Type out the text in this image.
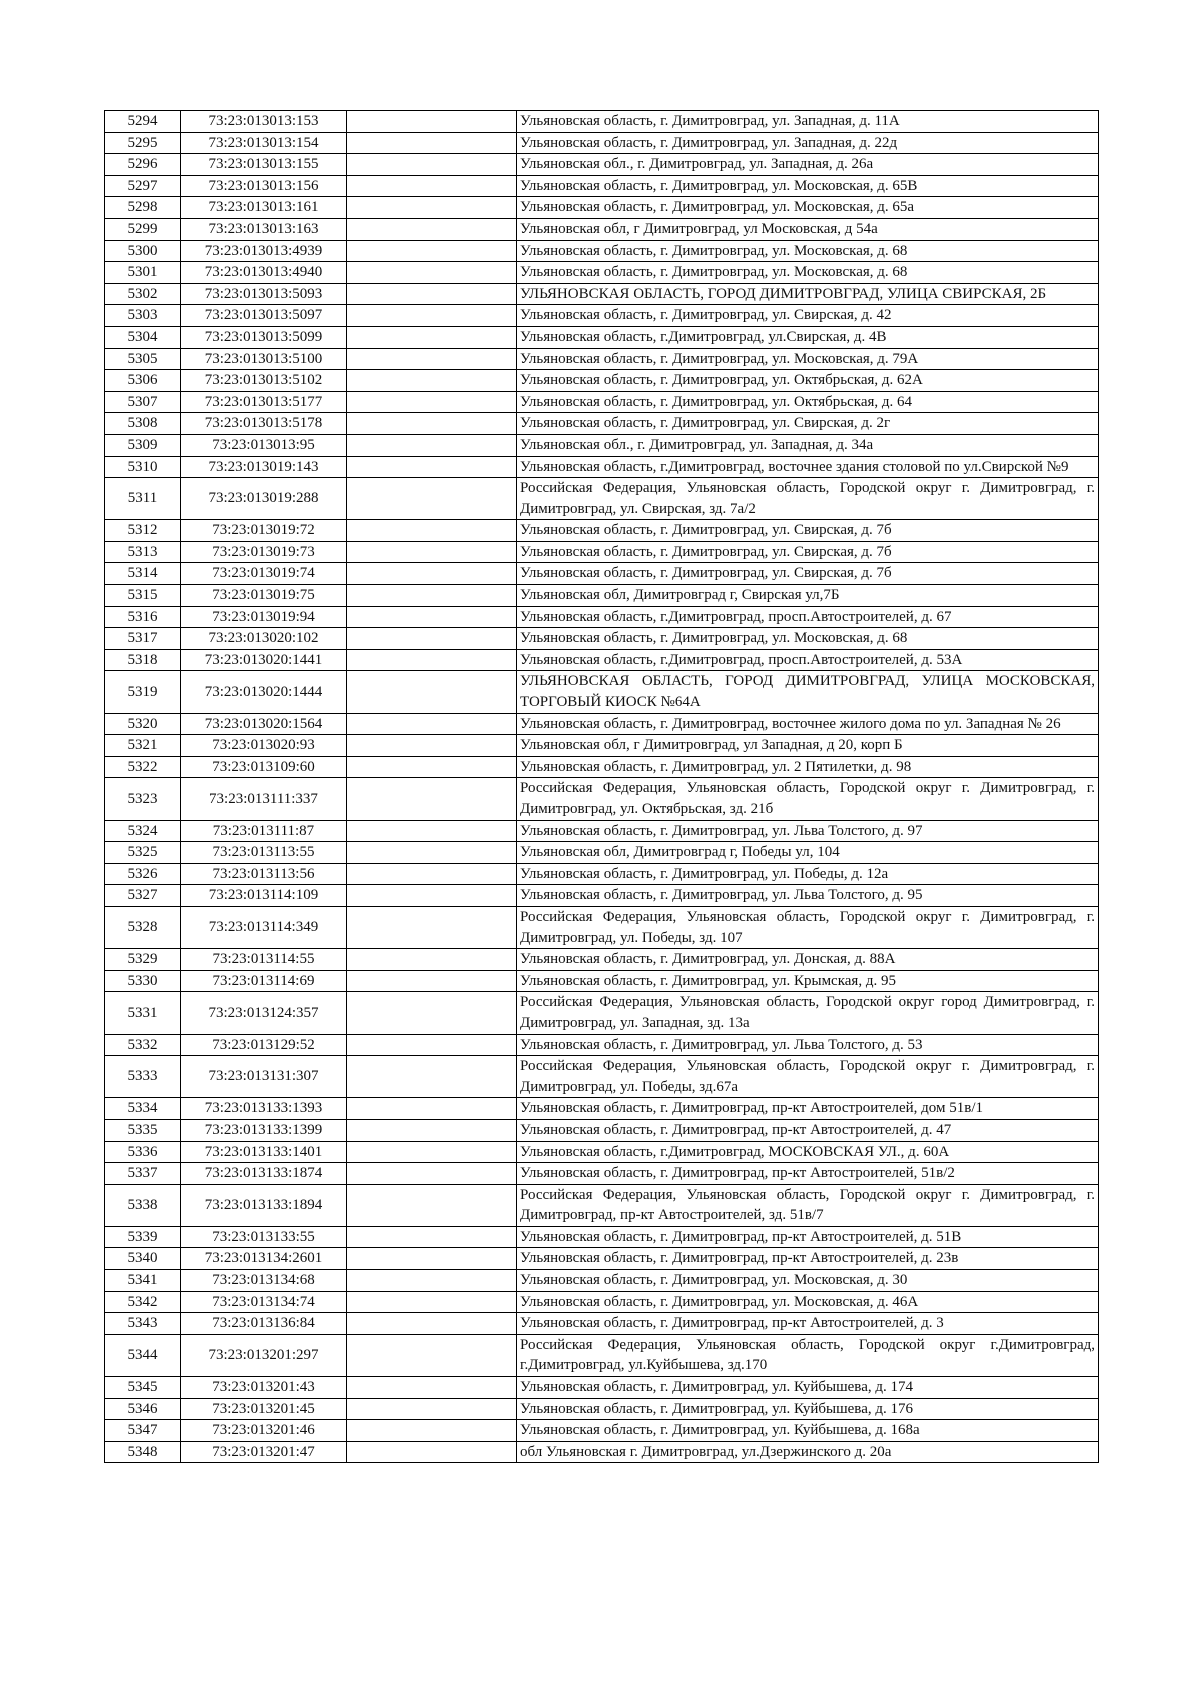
5294	73:23:013013:153		Ульяновская область, г. Димитровград, ул. Западная, д. 11А
5295	73:23:013013:154		Ульяновская область, г. Димитровград, ул. Западная, д. 22д
5296	73:23:013013:155		Ульяновская обл., г. Димитровград, ул. Западная, д. 26а
5297	73:23:013013:156		Ульяновская область, г. Димитровград, ул. Московская, д. 65В
5298	73:23:013013:161		Ульяновская область, г. Димитровград, ул. Московская, д. 65а
5299	73:23:013013:163		Ульяновская обл, г Димитровград, ул Московская, д 54а
5300	73:23:013013:4939		Ульяновская область, г. Димитровград, ул. Московская, д. 68
5301	73:23:013013:4940		Ульяновская область, г. Димитровград, ул. Московская, д. 68
5302	73:23:013013:5093		УЛЬЯНОВСКАЯ ОБЛАСТЬ, ГОРОД ДИМИТРОВГРАД, УЛИЦА СВИРСКАЯ, 2Б
5303	73:23:013013:5097		Ульяновская область, г. Димитровград, ул. Свирская, д. 42
5304	73:23:013013:5099		Ульяновская область, г.Димитровград, ул.Свирская, д. 4В
5305	73:23:013013:5100		Ульяновская область, г. Димитровград, ул. Московская, д. 79А
5306	73:23:013013:5102		Ульяновская область, г. Димитровград, ул. Октябрьская, д. 62А
5307	73:23:013013:5177		Ульяновская область, г. Димитровград, ул. Октябрьская, д. 64
5308	73:23:013013:5178		Ульяновская область, г. Димитровград, ул. Свирская, д. 2г
5309	73:23:013013:95		Ульяновская обл., г. Димитровград, ул. Западная, д. 34а
5310	73:23:013019:143		Ульяновская область, г.Димитровград, восточнее здания столовой по ул.Свирской №9
5311	73:23:013019:288		Российская Федерация, Ульяновская область, Городской округ г. Димитровград, г. Димитровград, ул. Свирская, зд. 7а/2
5312	73:23:013019:72		Ульяновская область, г. Димитровград, ул. Свирская, д. 7б
5313	73:23:013019:73		Ульяновская область, г. Димитровград, ул. Свирская, д. 7б
5314	73:23:013019:74		Ульяновская область, г. Димитровград, ул. Свирская, д. 7б
5315	73:23:013019:75		Ульяновская обл, Димитровград г, Свирская ул,7Б
5316	73:23:013019:94		Ульяновская область, г.Димитровград, просп.Автостроителей, д. 67
5317	73:23:013020:102		Ульяновская область, г. Димитровград, ул. Московская, д. 68
5318	73:23:013020:1441		Ульяновская область, г.Димитровград, просп.Автостроителей, д. 53А
5319	73:23:013020:1444		УЛЬЯНОВСКАЯ ОБЛАСТЬ, ГОРОД ДИМИТРОВГРАД, УЛИЦА МОСКОВСКАЯ, ТОРГОВЫЙ КИОСК №64А
5320	73:23:013020:1564		Ульяновская область, г. Димитровград, восточнее жилого дома по ул. Западная № 26
5321	73:23:013020:93		Ульяновская обл, г Димитровград, ул Западная, д 20, корп Б
5322	73:23:013109:60		Ульяновская область, г. Димитровград, ул. 2 Пятилетки, д. 98
5323	73:23:013111:337		Российская Федерация, Ульяновская область, Городской округ г. Димитровград, г. Димитровград, ул. Октябрьская, зд. 21б
5324	73:23:013111:87		Ульяновская область, г. Димитровград, ул. Льва Толстого, д. 97
5325	73:23:013113:55		Ульяновская обл, Димитровград г, Победы ул, 104
5326	73:23:013113:56		Ульяновская область, г. Димитровград, ул. Победы, д. 12а
5327	73:23:013114:109		Ульяновская область, г. Димитровград, ул. Льва Толстого, д. 95
5328	73:23:013114:349		Российская Федерация, Ульяновская область, Городской округ г. Димитровград, г. Димитровград, ул. Победы, зд. 107
5329	73:23:013114:55		Ульяновская область, г. Димитровград, ул. Донская, д. 88А
5330	73:23:013114:69		Ульяновская область, г. Димитровград, ул. Крымская, д. 95
5331	73:23:013124:357		Российская Федерация, Ульяновская область, Городской округ город Димитровград, г. Димитровград, ул. Западная, зд. 13а
5332	73:23:013129:52		Ульяновская область, г. Димитровград, ул. Льва Толстого, д. 53
5333	73:23:013131:307		Российская Федерация, Ульяновская область, Городской округ г. Димитровград, г. Димитровград, ул. Победы, зд.67а
5334	73:23:013133:1393		Ульяновская область, г. Димитровград, пр-кт Автостроителей, дом 51в/1
5335	73:23:013133:1399		Ульяновская область, г. Димитровград, пр-кт Автостроителей, д. 47
5336	73:23:013133:1401		Ульяновская область, г.Димитровград, МОСКОВСКАЯ УЛ., д. 60А
5337	73:23:013133:1874		Ульяновская область, г. Димитровград, пр-кт Автостроителей, 51в/2
5338	73:23:013133:1894		Российская Федерация, Ульяновская область, Городской округ г. Димитровград, г. Димитровград, пр-кт Автостроителей, зд. 51в/7
5339	73:23:013133:55		Ульяновская область, г. Димитровград, пр-кт Автостроителей, д. 51В
5340	73:23:013134:2601		Ульяновская область, г. Димитровград, пр-кт Автостроителей, д. 23в
5341	73:23:013134:68		Ульяновская область, г. Димитровград, ул. Московская, д. 30
5342	73:23:013134:74		Ульяновская область, г. Димитровград, ул. Московская, д. 46А
5343	73:23:013136:84		Ульяновская область, г. Димитровград, пр-кт Автостроителей, д. 3
5344	73:23:013201:297		Российская Федерация, Ульяновская область, Городской округ г.Димитровград, г.Димитровград, ул.Куйбышева, зд.170
5345	73:23:013201:43		Ульяновская область, г. Димитровград, ул. Куйбышева, д. 174
5346	73:23:013201:45		Ульяновская область, г. Димитровград, ул. Куйбышева, д. 176
5347	73:23:013201:46		Ульяновская область, г. Димитровград, ул. Куйбышева, д. 168а
5348	73:23:013201:47		обл Ульяновская г. Димитровград, ул.Дзержинского д. 20а
